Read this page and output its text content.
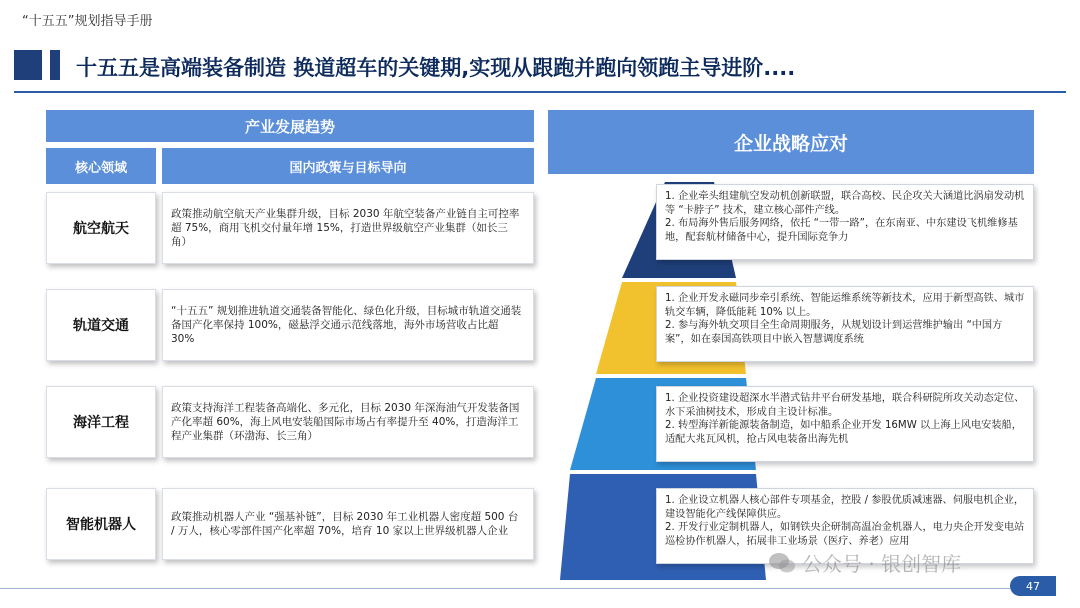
“十五五”规划指导手册
十五五是高端装备制造 换道超车的关键期,实现从跟跑并跑向领跑主导进阶....
产业发展趋势
核心领域	国内政策与目标导向
航空航天
政策推动航空航天产业集群升级，目标 2030 年航空装备产业链自主可控率超 75%，商用飞机交付量年增 15%，打造世界级航空产业集群（如长三角）
轨道交通
“十五五” 规划推进轨道交通装备智能化、绿色化升级，目标城市轨道交通装备国产化率保持 100%，磁悬浮交通示范线落地，海外市场营收占比超 30%
海洋工程
政策支持海洋工程装备高端化、多元化，目标 2030 年深海油气开发装备国产化率超 60%，海上风电安装船国际市场占有率提升至 40%，打造海洋工程产业集群（环渤海、长三角）
智能机器人	政策推动机器人产业 “强基补链”，目标 2030 年工业机器人密度超 500 台 / 万人，核心零部件国产化率超 70%，培育 10 家以上世界级机器人企业
企业战略应对
1. 企业牵头组建航空发动机创新联盟，联合高校、民企攻关大涵道比涡扇发动机等 “卡脖子” 技术，建立核心部件产线。
2. 布局海外售后服务网络，依托 “一带一路”，在东南亚、中东建设飞机维修基地，配套航材储备中心，提升国际竞争力
1. 企业开发永磁同步牵引系统、智能运维系统等新技术，应用于新型高铁、城市轨交车辆，降低能耗 10% 以上。
2. 参与海外轨交项目全生命周期服务，从规划设计到运营维护输出 “中国方案”，如在泰国高铁项目中嵌入智慧调度系统
1. 企业投资建设超深水半潜式钻井平台研发基地，联合科研院所攻关动态定位、水下采油树技术，形成自主设计标准。
2. 转型海洋新能源装备制造，如中船系企业开发 16MW 以上海上风电安装船，适配大兆瓦风机，抢占风电装备出海先机
1. 企业设立机器人核心部件专项基金，控股 / 参股优质减速器、伺服电机企业，建设智能化产线保障供应。
2. 开发行业定制机器人，如钢铁央企研制高温冶金机器人，电力央企开发变电站巡检协作机器人，拓展非工业场景（医疗、养老）应用
公众号 · 银创智库
47
